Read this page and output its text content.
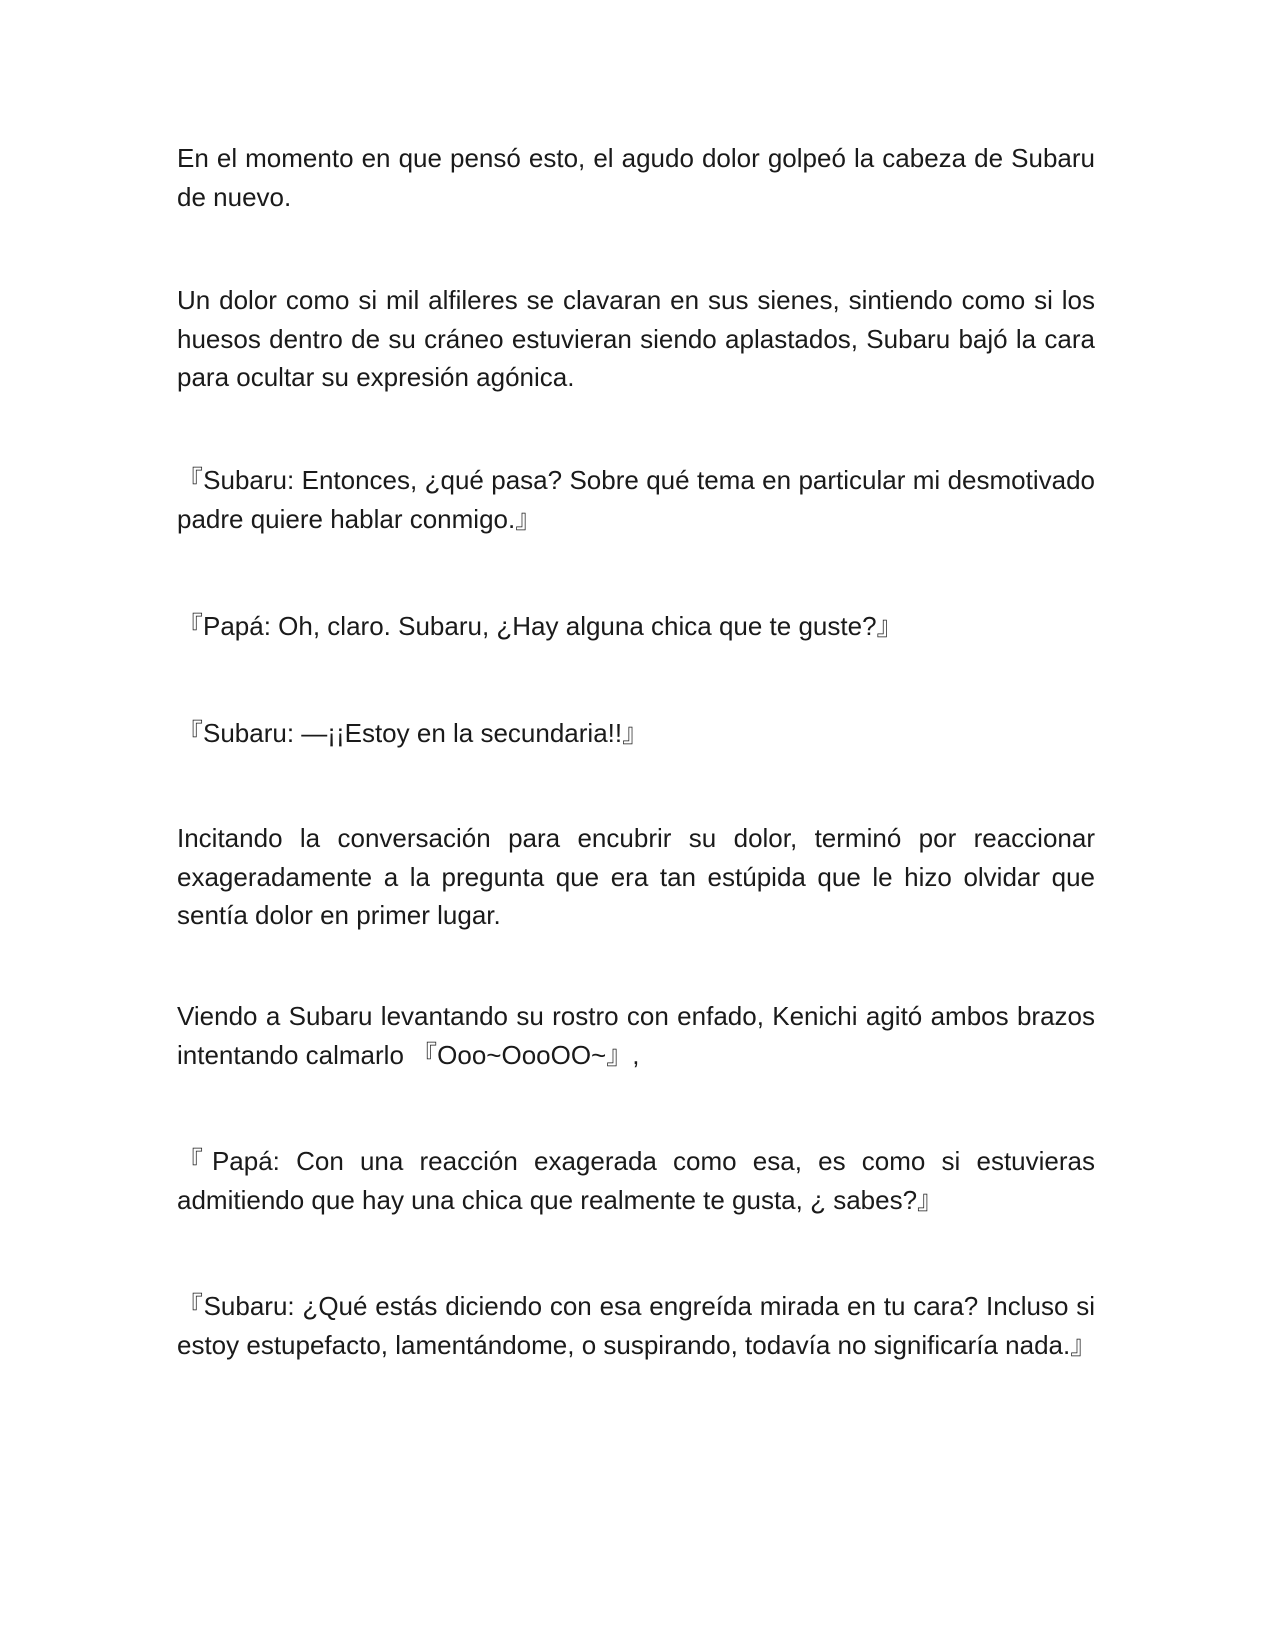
En el momento en que pensó esto, el agudo dolor golpeó la cabeza de Subaru de nuevo.

Un dolor como si mil alfileres se clavaran en sus sienes, sintiendo como si los huesos dentro de su cráneo estuvieran siendo aplastados, Subaru bajó la cara para ocultar su expresión agónica.

『Subaru: Entonces, ¿qué pasa? Sobre qué tema en particular mi desmotivado padre quiere hablar conmigo.』

『Papá: Oh, claro. Subaru, ¿Hay alguna chica que te guste?』

『Subaru: —¡¡Estoy en la secundaria!!』

Incitando la conversación para encubrir su dolor, terminó por reaccionar exageradamente a la pregunta que era tan estúpida que le hizo olvidar que sentía dolor en primer lugar.

Viendo a Subaru levantando su rostro con enfado, Kenichi agitó ambos brazos intentando calmarlo 『Ooo~OooOO~』,

『Papá: Con una reacción exagerada como esa, es como si estuvieras admitiendo que hay una chica que realmente te gusta, ¿ sabes?』

『Subaru: ¿Qué estás diciendo con esa engreída mirada en tu cara? Incluso si estoy estupefacto, lamentándome, o suspirando, todavía no significaría nada.』
